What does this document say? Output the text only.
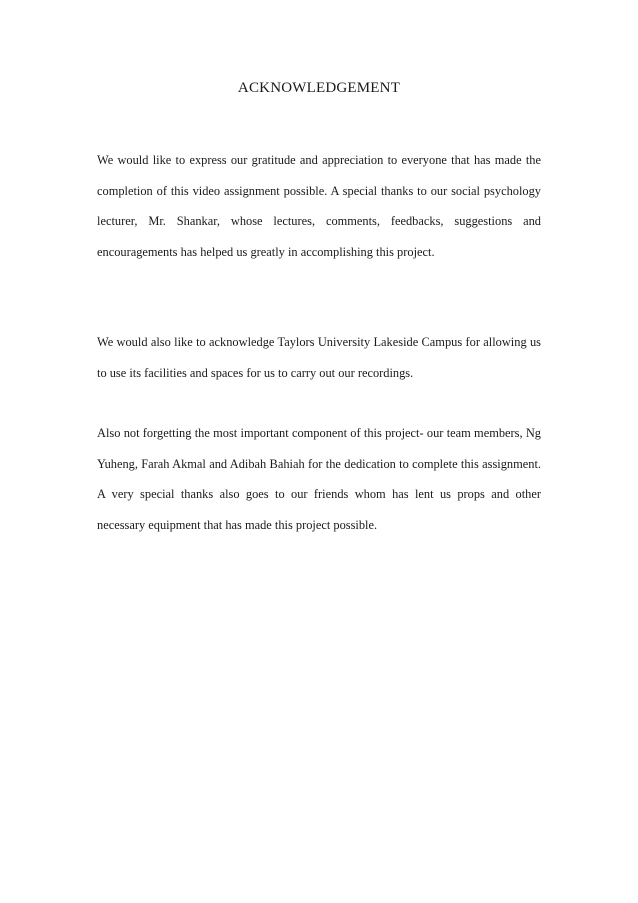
ACKNOWLEDGEMENT

We would like to express our gratitude and appreciation to everyone that has made the completion of this video assignment possible. A special thanks to our social psychology lecturer, Mr. Shankar, whose lectures, comments, feedbacks, suggestions and encouragements has helped us greatly in accomplishing this project.

We would also like to acknowledge Taylors University Lakeside Campus for allowing us to use its facilities and spaces for us to carry out our recordings.

Also not forgetting the most important component of this project- our team members, Ng Yuheng, Farah Akmal and Adibah Bahiah for the dedication to complete this assignment. A very special thanks also goes to our friends whom has lent us props and other necessary equipment that has made this project possible.
